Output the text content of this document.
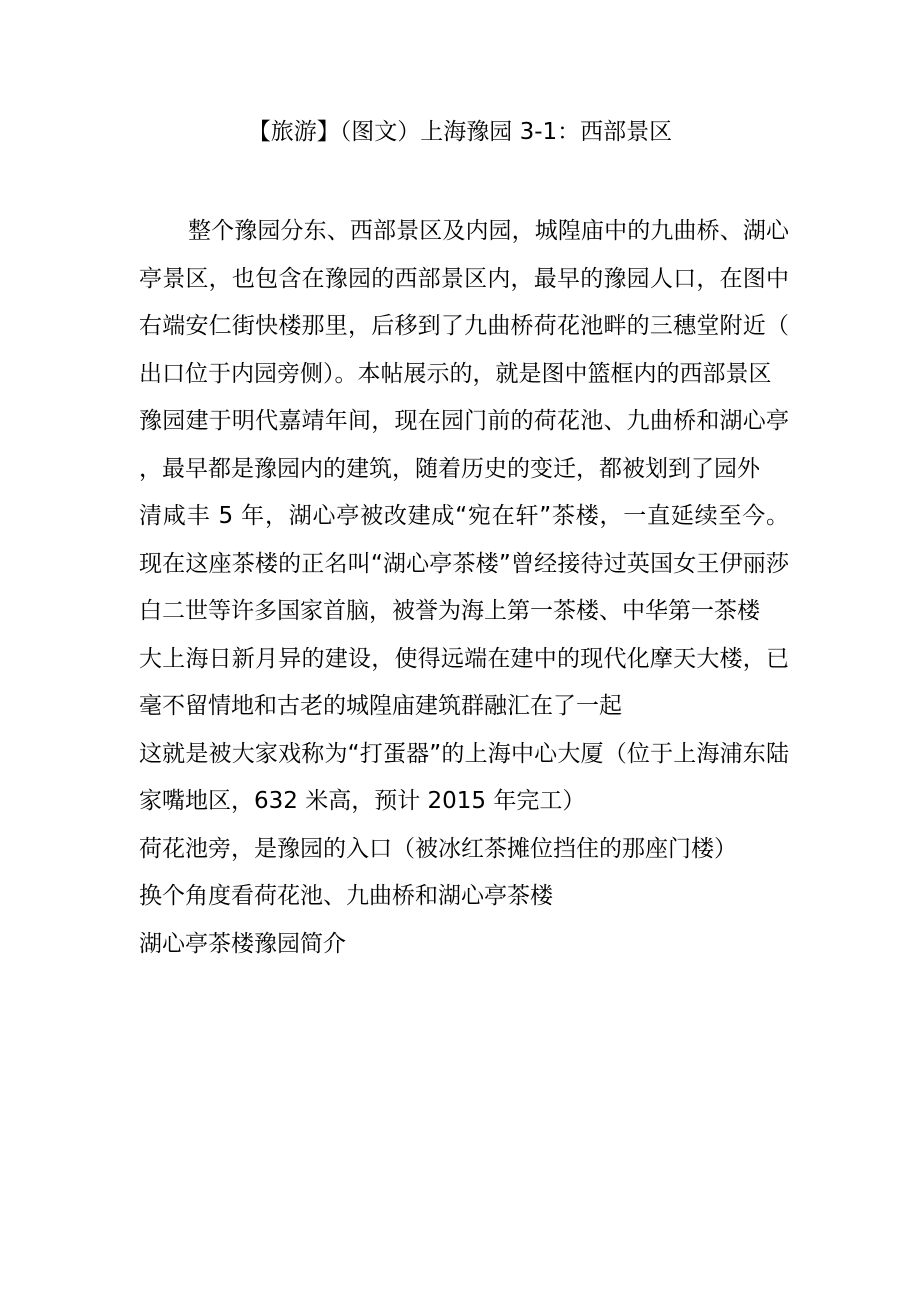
【旅游】（图文）上海豫园 3-1：西部景区

整个豫园分东、西部景区及内园，城隍庙中的九曲桥、湖心亭景区，也包含在豫园的西部景区内，最早的豫园人口，在图中右端安仁街快楼那里，后移到了九曲桥荷花池畔的三穗堂附近（出口位于内园旁侧）。本帖展示的，就是图中篮框内的西部景区

豫园建于明代嘉靖年间，现在园门前的荷花池、九曲桥和湖心亭，最早都是豫园内的建筑，随着历史的变迁，都被划到了园外

清咸丰 5 年，湖心亭被改建成“宛在轩”茶楼，一直延续至今。现在这座茶楼的正名叫“湖心亭茶楼”曾经接待过英国女王伊丽莎白二世等许多国家首脑，被誉为海上第一茶楼、中华第一茶楼

大上海日新月异的建设，使得远端在建中的现代化摩天大楼，已毫不留情地和古老的城隍庙建筑群融汇在了一起

这就是被大家戏称为“打蛋器”的上海中心大厦（位于上海浦东陆家嘴地区，632 米高，预计 2015 年完工）

荷花池旁，是豫园的入口（被冰红茶摊位挡住的那座门楼）

换个角度看荷花池、九曲桥和湖心亭茶楼

湖心亭茶楼豫园简介
